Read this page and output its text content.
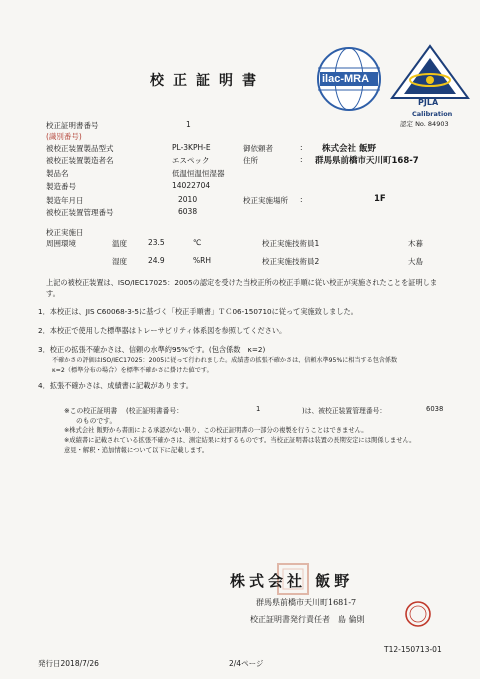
校正証明書	ilac-MRA
PJLA
Calibration
認定 No. 84903
校正証明書番号	1
(識別番号)
被校正装置製品型式	PL-3KPH-E	御依頼者	: 株式会社 飯野
被校正装置製造者名	エスペック	住所	: 群馬県前橋市天川町168-7
製品名	低温恒温恒湿器
製造番号	14022704
製造年月日	2010	校正実施場所 :	1F
被校正装置管理番号	6038
校正実施日
周囲環境	温度	23.5	℃	校正実施技術員1	木暮
湿度	24.9	%RH	校正実施技術員2	大島
上記の被校正装置は、ISO/IEC17025：2005の認定を受けた当校正所の校正手順に従い校正が実施されたことを証明します。
1．本校正は、JIS C60068-3-5に基づく「校正手順書」ＴＣ06-150710に従って実施致しました。
2．本校正で使用した標準器はトレーサビリティ体系図を参照してください。
3．校正の拡張不確かさは、信頼の水準約95%です。(包含係数　κ=2)
不確かさの評価はISO/IEC17025：2005に従って行われました。成績書の拡張不確かさは、信頼水準95%に相当する包含係数
κ=2（標準分布の場合）を標準不確かさに掛けた値です。
4．拡張不確かさは、成績書に記載があります。
※この校正証明書 (校正証明書番号：	1	)は、被校正装置管理番号：	6038
のものです。
※株式会社 飯野から書面による承認がない限り、この校正証明書の一部分の複製を行うことはできません。
※成績書に記載されている拡張不確かさは、測定結果に対するものです。当校正証明書は装置の長期安定には関係しません。
意見・解釈・追加情報について以下に記載します。
株式会社 飯野
群馬県前橋市天川町1681-7
校正証明書発行責任者　島 倫則
発行日2018/7/26	2/4ページ
T12-150713-01
